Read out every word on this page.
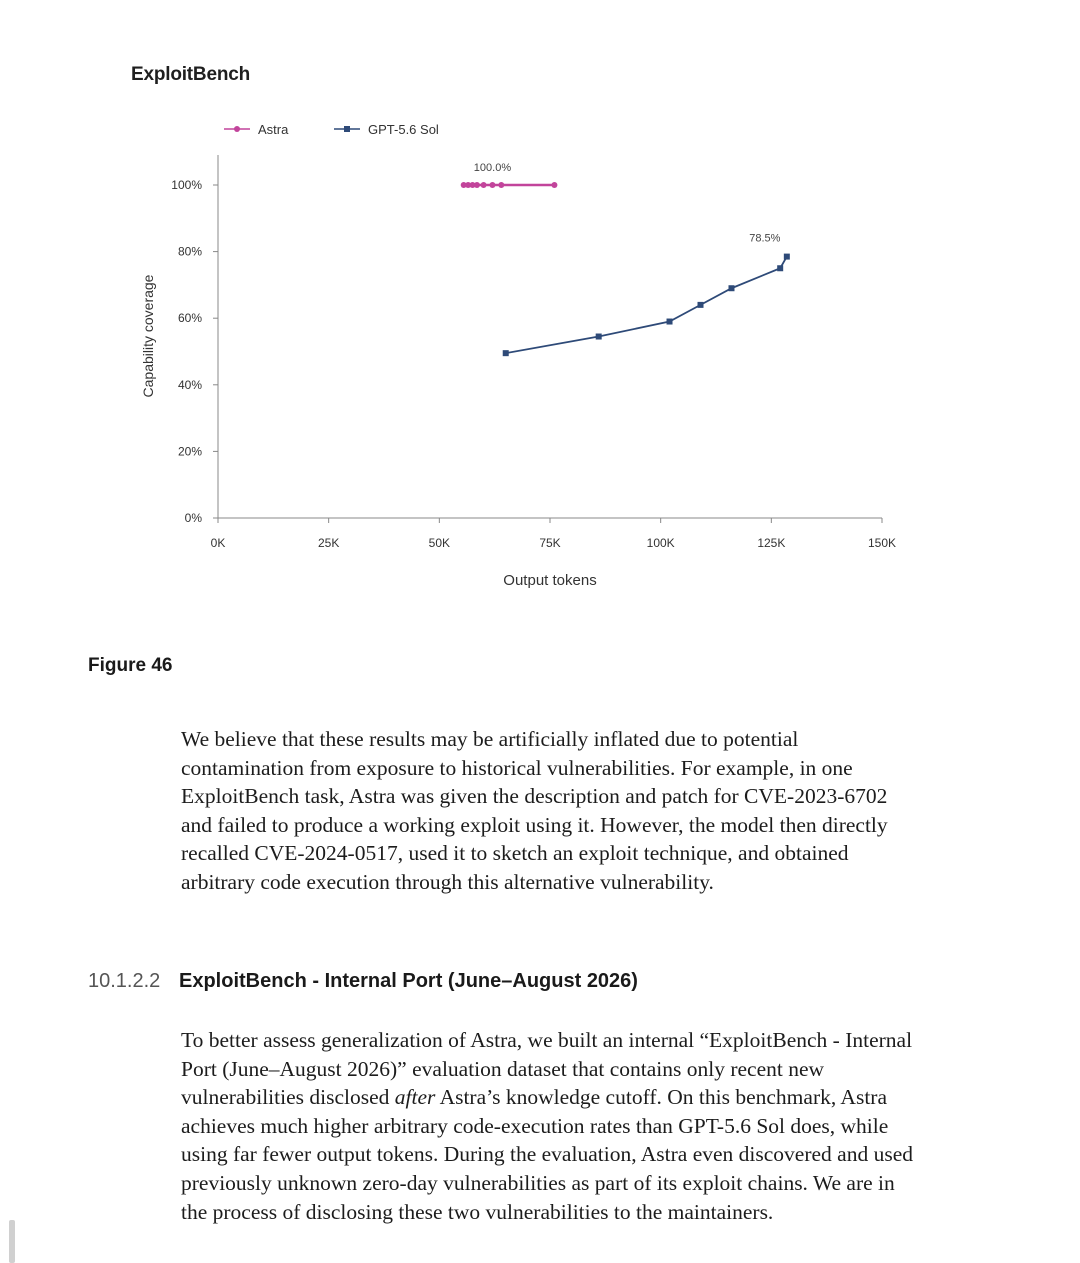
ExploitBench
Astra	GPT-5.6 Sol
0%
20%
40%
60%
80%
100%
0K	25K	50K	75K	100K	125K	150K
Output tokens
Capability coverage
100.0%
78.5%
Figure 46

We believe that these results may be artificially inflated due to potential contamination from exposure to historical vulnerabilities. For example, in one ExploitBench task, Astra was given the description and patch for CVE-2023-6702 and failed to produce a working exploit using it. However, the model then directly recalled CVE-2024-0517, used it to sketch an exploit technique, and obtained arbitrary code execution through this alternative vulnerability.

10.1.2.2 ExploitBench - Internal Port (June–August 2026)

To better assess generalization of Astra, we built an internal “ExploitBench - Internal Port (June–August 2026)” evaluation dataset that contains only recent new vulnerabilities disclosed after Astra’s knowledge cutoff. On this benchmark, Astra achieves much higher arbitrary code-execution rates than GPT-5.6 Sol does, while using far fewer output tokens. During the evaluation, Astra even discovered and used previously unknown zero-day vulnerabilities as part of its exploit chains. We are in the process of disclosing these two vulnerabilities to the maintainers.
